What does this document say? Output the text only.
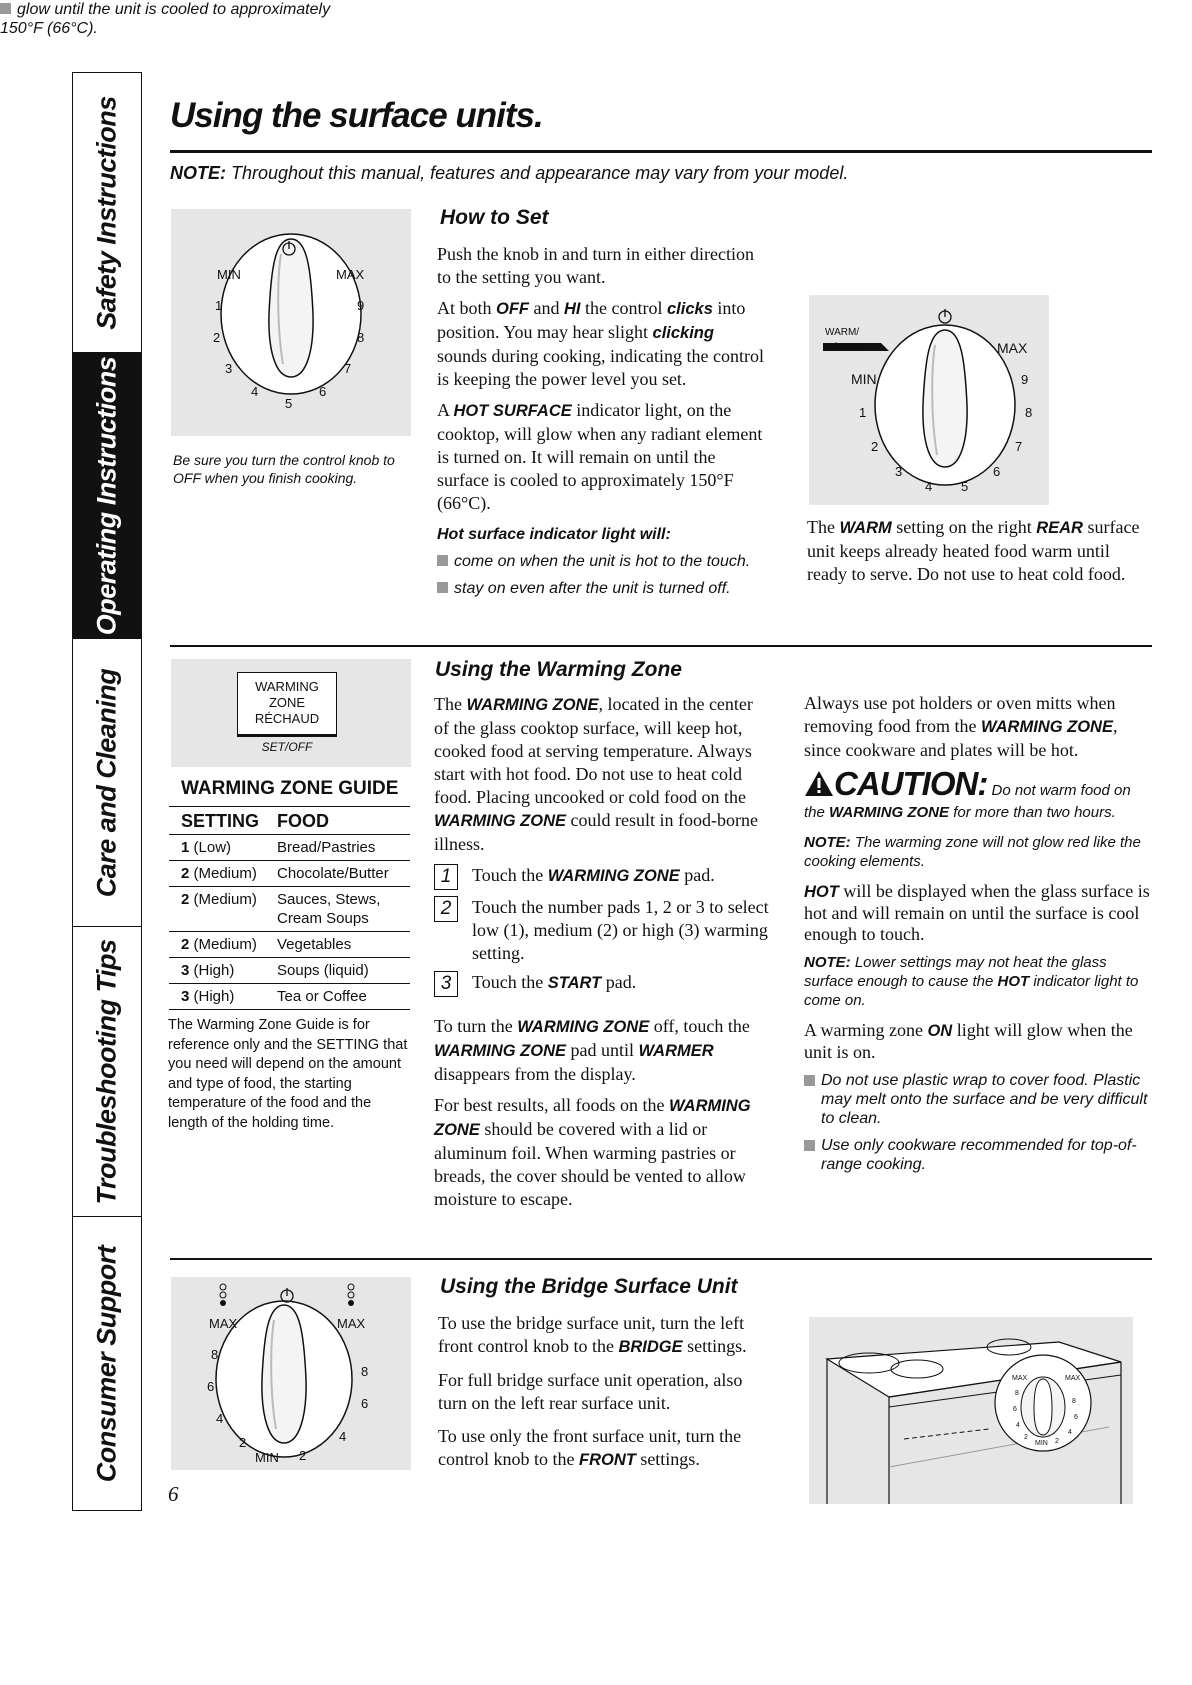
Safety Instructions
Operating Instructions
Care and Cleaning
Troubleshooting Tips
Consumer Support
Using the surface units.
NOTE: Throughout this manual, features and appearance may vary from your model.
MIN	MAX
1
2
3
4
5
6
7
8
9
Be sure you turn the control knob to OFF when you finish cooking.
How to Set

Push the knob in and turn in either direction to the setting you want.

At both OFF and HI the control clicks into position. You may hear slight clicking sounds during cooking, indicating the control is keeping the power level you set.

A HOT SURFACE indicator light, on the cooktop, will glow when any radiant element is turned on. It will remain on until the surface is cooled to approximately 150°F (66°C).

Hot surface indicator light will:
come on when the unit is hot to the touch.
stay on even after the unit is turned off.
glow until the unit is cooled to approximately 150°F (66°C).
WARM/
RÉCHAUD
MIN
MAX
1
2
3
4 5
6
7
8
9
The WARM setting on the right REAR surface unit keeps already heated food warm until ready to serve. Do not use to heat cold food.
WARMING
ZONE
RÉCHAUD
SET/OFF
WARMING ZONE GUIDE
SETTING	FOOD
1 (Low)	Bread/Pastries
2 (Medium)	Chocolate/Butter
2 (Medium)	Sauces, Stews, Cream Soups
2 (Medium)	Vegetables
3 (High)	Soups (liquid)
3 (High)	Tea or Coffee
The Warming Zone Guide is for reference only and the SETTING that you need will depend on the amount and type of food, the starting temperature of the food and the length of the holding time.
Using the Warming Zone

The WARMING ZONE, located in the center of the glass cooktop surface, will keep hot, cooked food at serving temperature. Always start with hot food. Do not use to heat cold food. Placing uncooked or cold food on the WARMING ZONE could result in food-borne illness.

1	Touch the WARMING ZONE pad.
2	Touch the number pads 1, 2 or 3 to select low (1), medium (2) or high (3) warming setting.
3	Touch the START pad.

To turn the WARMING ZONE off, touch the WARMING ZONE pad until WARMER disappears from the display.

For best results, all foods on the WARMING ZONE should be covered with a lid or aluminum foil. When warming pastries or breads, the cover should be vented to allow moisture to escape.

Always use pot holders or oven mitts when removing food from the WARMING ZONE, since cookware and plates will be hot.

CAUTION: Do not warm food on the WARMING ZONE for more than two hours.
NOTE: The warming zone will not glow red like the cooking elements.

HOT will be displayed when the glass surface is hot and will remain on until the surface is cool enough to touch.

NOTE: Lower settings may not heat the glass surface enough to cause the HOT indicator light to come on.

A warming zone ON light will glow when the unit is on.

Do not use plastic wrap to cover food. Plastic may melt onto the surface and be very difficult to clean.
Use only cookware recommended for top-of-range cooking.
MAX	MAX
8
6
4
2
MIN 2
4
6
8
Using the Bridge Surface Unit

To use the bridge surface unit, turn the left front control knob to the BRIDGE settings.

For full bridge surface unit operation, also turn on the left rear surface unit.

To use only the front surface unit, turn the control knob to the FRONT settings.

MAX	MAX
8
6
4
2
MIN 2
4
6
8
6
